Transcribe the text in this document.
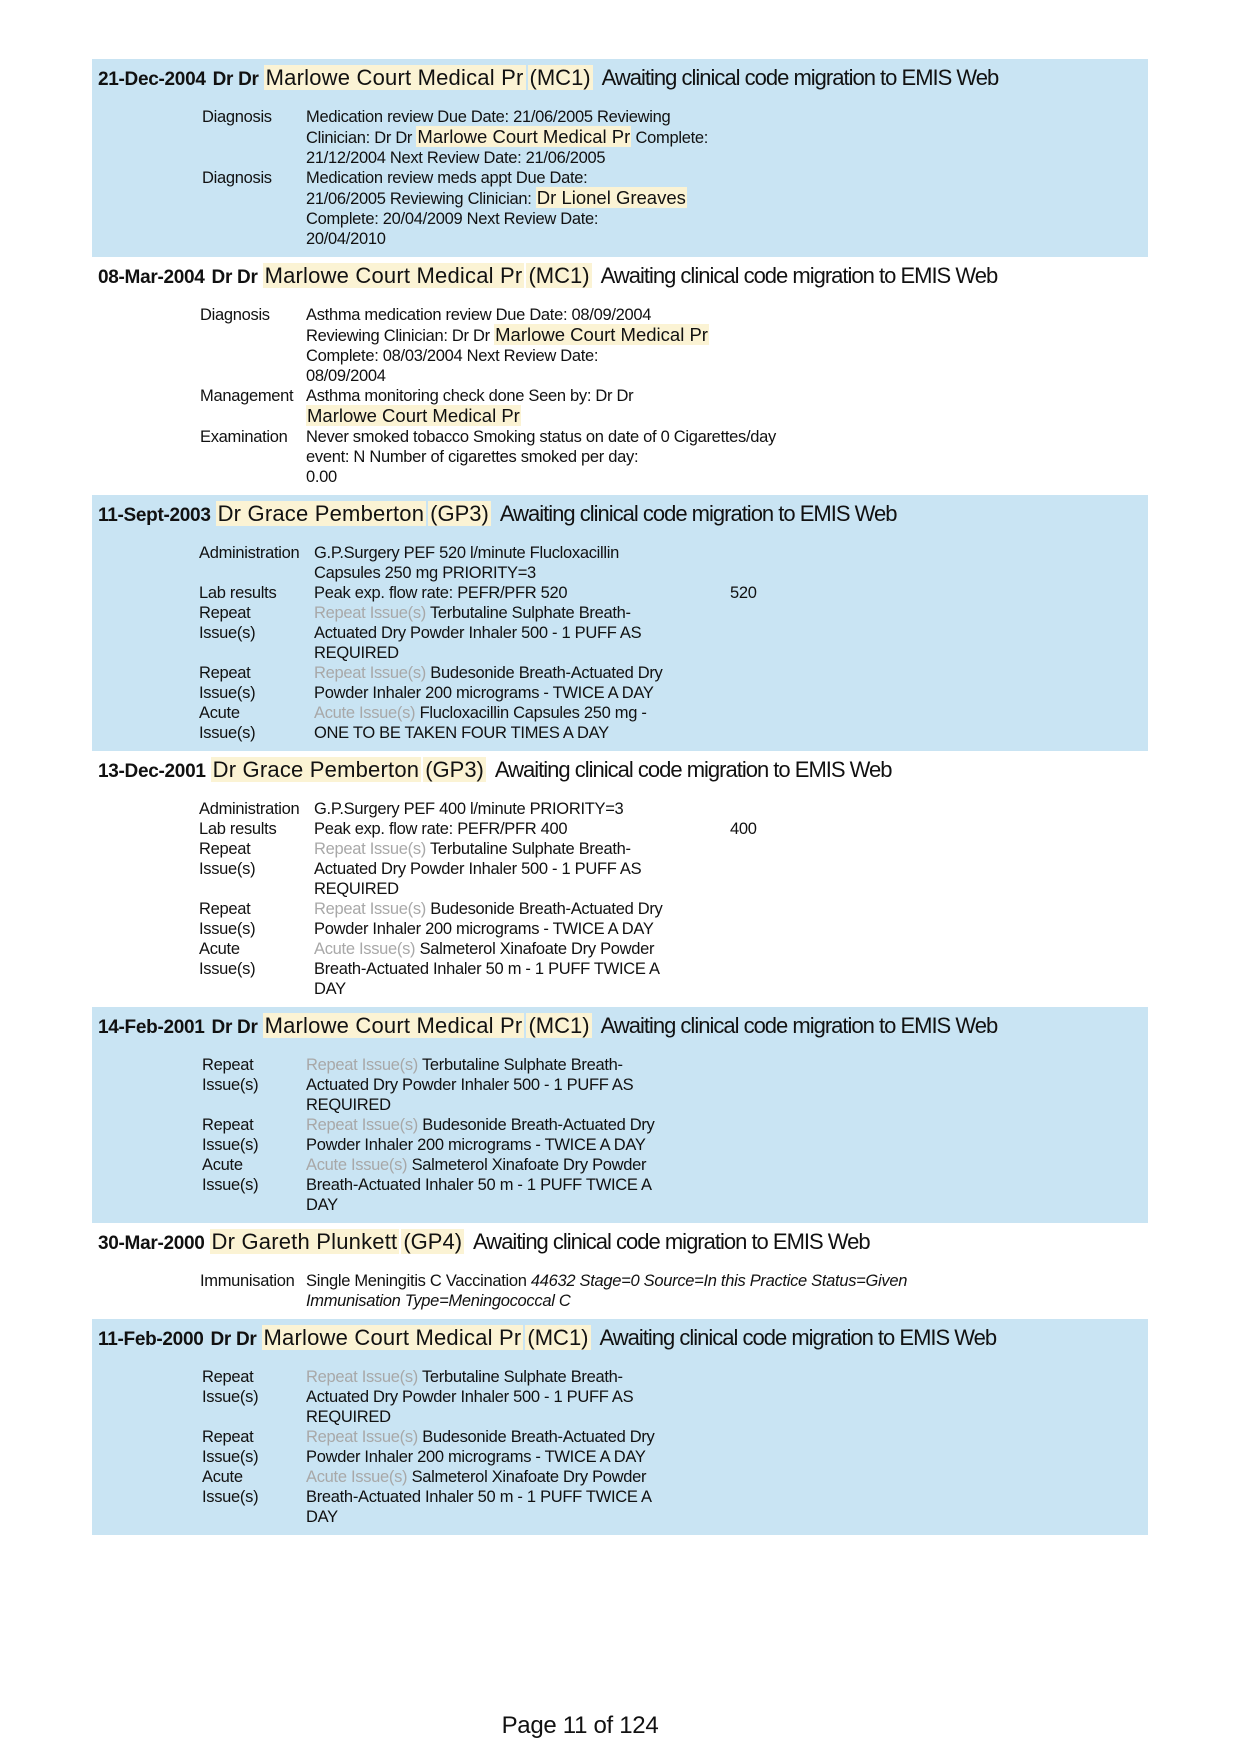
21-Dec-2004 Dr Dr Marlowe Court Medical Pr (MC1) Awaiting clinical code migration to EMIS Web
Diagnosis Medication review Due Date: 21/06/2005 Reviewing
Clinician: Dr Dr Marlowe Court Medical Pr Complete:
21/12/2004 Next Review Date: 21/06/2005
Diagnosis Medication review meds appt Due Date:
21/06/2005 Reviewing Clinician: Dr Lionel Greaves
Complete: 20/04/2009 Next Review Date:
20/04/2010
08-Mar-2004 Dr Dr Marlowe Court Medical Pr (MC1) Awaiting clinical code migration to EMIS Web
Diagnosis Asthma medication review Due Date: 08/09/2004
Reviewing Clinician: Dr Dr Marlowe Court Medical Pr
Complete: 08/03/2004 Next Review Date:
08/09/2004
Management Asthma monitoring check done Seen by: Dr Dr
Marlowe Court Medical Pr
Examination Never smoked tobacco Smoking status on date of 0 Cigarettes/day
event: N Number of cigarettes smoked per day:
0.00
11-Sept-2003 Dr Grace Pemberton (GP3) Awaiting clinical code migration to EMIS Web
Administration G.P.Surgery PEF 520 l/minute Flucloxacillin
Capsules 250 mg PRIORITY=3
Lab results Peak exp. flow rate: PEFR/PFR 520	520
Repeat
Issue(s)
Repeat Issue(s) Terbutaline Sulphate Breath-
Actuated Dry Powder Inhaler 500 - 1 PUFF AS
REQUIRED
Repeat
Issue(s)
Repeat Issue(s) Budesonide Breath-Actuated Dry
Powder Inhaler 200 micrograms - TWICE A DAY
Acute
Issue(s)
Acute Issue(s) Flucloxacillin Capsules 250 mg -
ONE TO BE TAKEN FOUR TIMES A DAY
13-Dec-2001 Dr Grace Pemberton (GP3) Awaiting clinical code migration to EMIS Web
Administration G.P.Surgery PEF 400 l/minute PRIORITY=3
Lab results Peak exp. flow rate: PEFR/PFR 400	400
Repeat
Issue(s)
Repeat Issue(s) Terbutaline Sulphate Breath-
Actuated Dry Powder Inhaler 500 - 1 PUFF AS
REQUIRED
Repeat
Issue(s)
Repeat Issue(s) Budesonide Breath-Actuated Dry
Powder Inhaler 200 micrograms - TWICE A DAY
Acute
Issue(s)
Acute Issue(s) Salmeterol Xinafoate Dry Powder
Breath-Actuated Inhaler 50 m - 1 PUFF TWICE A
DAY
14-Feb-2001 Dr Dr Marlowe Court Medical Pr (MC1) Awaiting clinical code migration to EMIS Web
Repeat
Issue(s)
Repeat Issue(s) Terbutaline Sulphate Breath-
Actuated Dry Powder Inhaler 500 - 1 PUFF AS
REQUIRED
Repeat
Issue(s)
Repeat Issue(s) Budesonide Breath-Actuated Dry
Powder Inhaler 200 micrograms - TWICE A DAY
Acute
Issue(s)
Acute Issue(s) Salmeterol Xinafoate Dry Powder
Breath-Actuated Inhaler 50 m - 1 PUFF TWICE A
DAY
30-Mar-2000 Dr Gareth Plunkett (GP4) Awaiting clinical code migration to EMIS Web
Immunisation Single Meningitis C Vaccination 44632 Stage=0 Source=In this Practice Status=Given
Immunisation Type=Meningococcal C
11-Feb-2000 Dr Dr Marlowe Court Medical Pr (MC1) Awaiting clinical code migration to EMIS Web
Repeat
Issue(s)
Repeat Issue(s) Terbutaline Sulphate Breath-
Actuated Dry Powder Inhaler 500 - 1 PUFF AS
REQUIRED
Repeat
Issue(s)
Repeat Issue(s) Budesonide Breath-Actuated Dry
Powder Inhaler 200 micrograms - TWICE A DAY
Acute
Issue(s)
Acute Issue(s) Salmeterol Xinafoate Dry Powder
Breath-Actuated Inhaler 50 m - 1 PUFF TWICE A
DAY
Page 11 of 124
